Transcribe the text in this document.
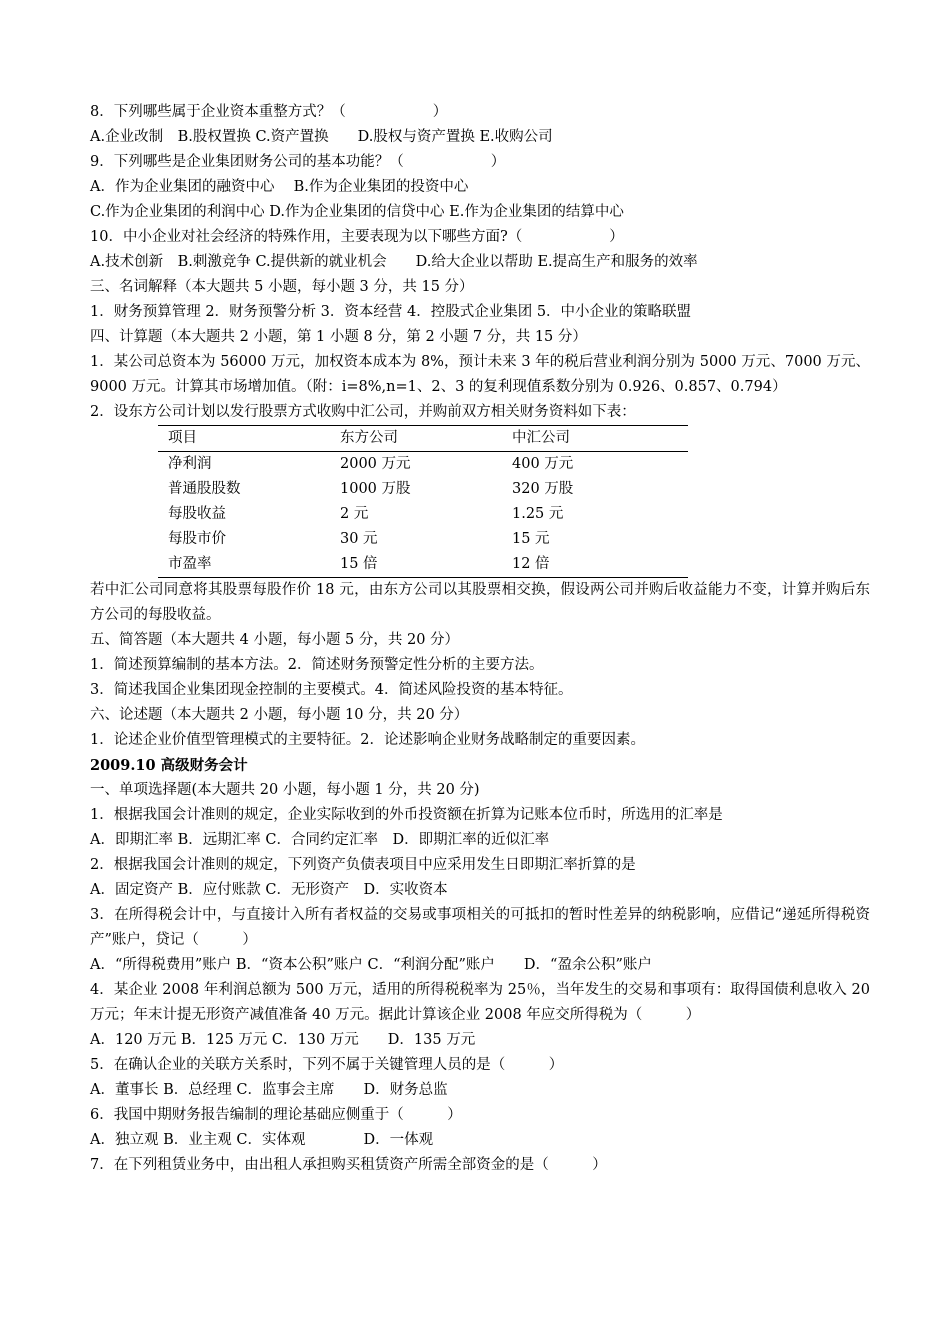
8．下列哪些属于企业资本重整方式？（　　　　　　）
A.企业改制　B.股权置换 C.资产置换　　D.股权与资产置换 E.收购公司
9．下列哪些是企业集团财务公司的基本功能？（　　　　　　）
A．作为企业集团的融资中心　 B.作为企业集团的投资中心
C.作为企业集团的利润中心 D.作为企业集团的信贷中心 E.作为企业集团的结算中心
10．中小企业对社会经济的特殊作用，主要表现为以下哪些方面?（　　　　　　）
A.技术创新　B.刺激竞争 C.提供新的就业机会　　D.给大企业以帮助 E.提高生产和服务的效率
三、名词解释（本大题共 5 小题，每小题 3 分，共 15 分）
1．财务预算管理 2．财务预警分析 3．资本经营 4．控股式企业集团 5．中小企业的策略联盟
四、计算题（本大题共 2 小题，第 1 小题 8 分，第 2 小题 7 分，共 15 分）
1．某公司总资本为 56000 万元，加权资本成本为 8%，预计未来 3 年的税后营业利润分别为 5000 万元、7000 万元、9000 万元。计算其市场增加值。（附：i=8%,n=1、2、3 的复利现值系数分别为 0.926、0.857、0.794）
2．设东方公司计划以发行股票方式收购中汇公司，并购前双方相关财务资料如下表：
项目	东方公司	中汇公司
净利润	2000 万元	400 万元
普通股股数	1000 万股	320 万股
每股收益	2 元	1.25 元
每股市价	30 元	15 元
市盈率	15 倍	12 倍
若中汇公司同意将其股票每股作价 18 元，由东方公司以其股票相交换，假设两公司并购后收益能力不变，计算并购后东方公司的每股收益。
五、简答题（本大题共 4 小题，每小题 5 分，共 20 分）
1．简述预算编制的基本方法。2．简述财务预警定性分析的主要方法。
3．简述我国企业集团现金控制的主要模式。4．简述风险投资的基本特征。
六、论述题（本大题共 2 小题，每小题 10 分，共 20 分）
1．论述企业价值型管理模式的主要特征。2．论述影响企业财务战略制定的重要因素。
2009.10 高级财务会计
一、单项选择题(本大题共 20 小题，每小题 1 分，共 20 分)
1．根据我国会计准则的规定，企业实际收到的外币投资额在折算为记账本位币时，所选用的汇率是
A．即期汇率 B．远期汇率 C．合同约定汇率　D．即期汇率的近似汇率
2．根据我国会计准则的规定，下列资产负债表项目中应采用发生日即期汇率折算的是
A．固定资产 B．应付账款 C．无形资产　D．实收资本
3．在所得税会计中，与直接计入所有者权益的交易或事项相关的可抵扣的暂时性差异的纳税影响，应借记“递延所得税资产”账户，贷记（　　　）
A．“所得税费用”账户 B．“资本公积”账户 C．“利润分配”账户　　D．“盈余公积”账户
4．某企业 2008 年利润总额为 500 万元，适用的所得税税率为 25％，当年发生的交易和事项有：取得国债利息收入 20 万元；年末计提无形资产减值准备 40 万元。据此计算该企业 2008 年应交所得税为（　　　）
A．120 万元 B．125 万元 C．130 万元　　D．135 万元
5．在确认企业的关联方关系时，下列不属于关键管理人员的是（　　　）
A．董事长 B．总经理 C．监事会主席　　D．财务总监
6．我国中期财务报告编制的理论基础应侧重于（　　　）
A．独立观 B．业主观 C．实体观　　　　D．一体观
7．在下列租赁业务中，由出租人承担购买租赁资产所需全部资金的是（　　　）
